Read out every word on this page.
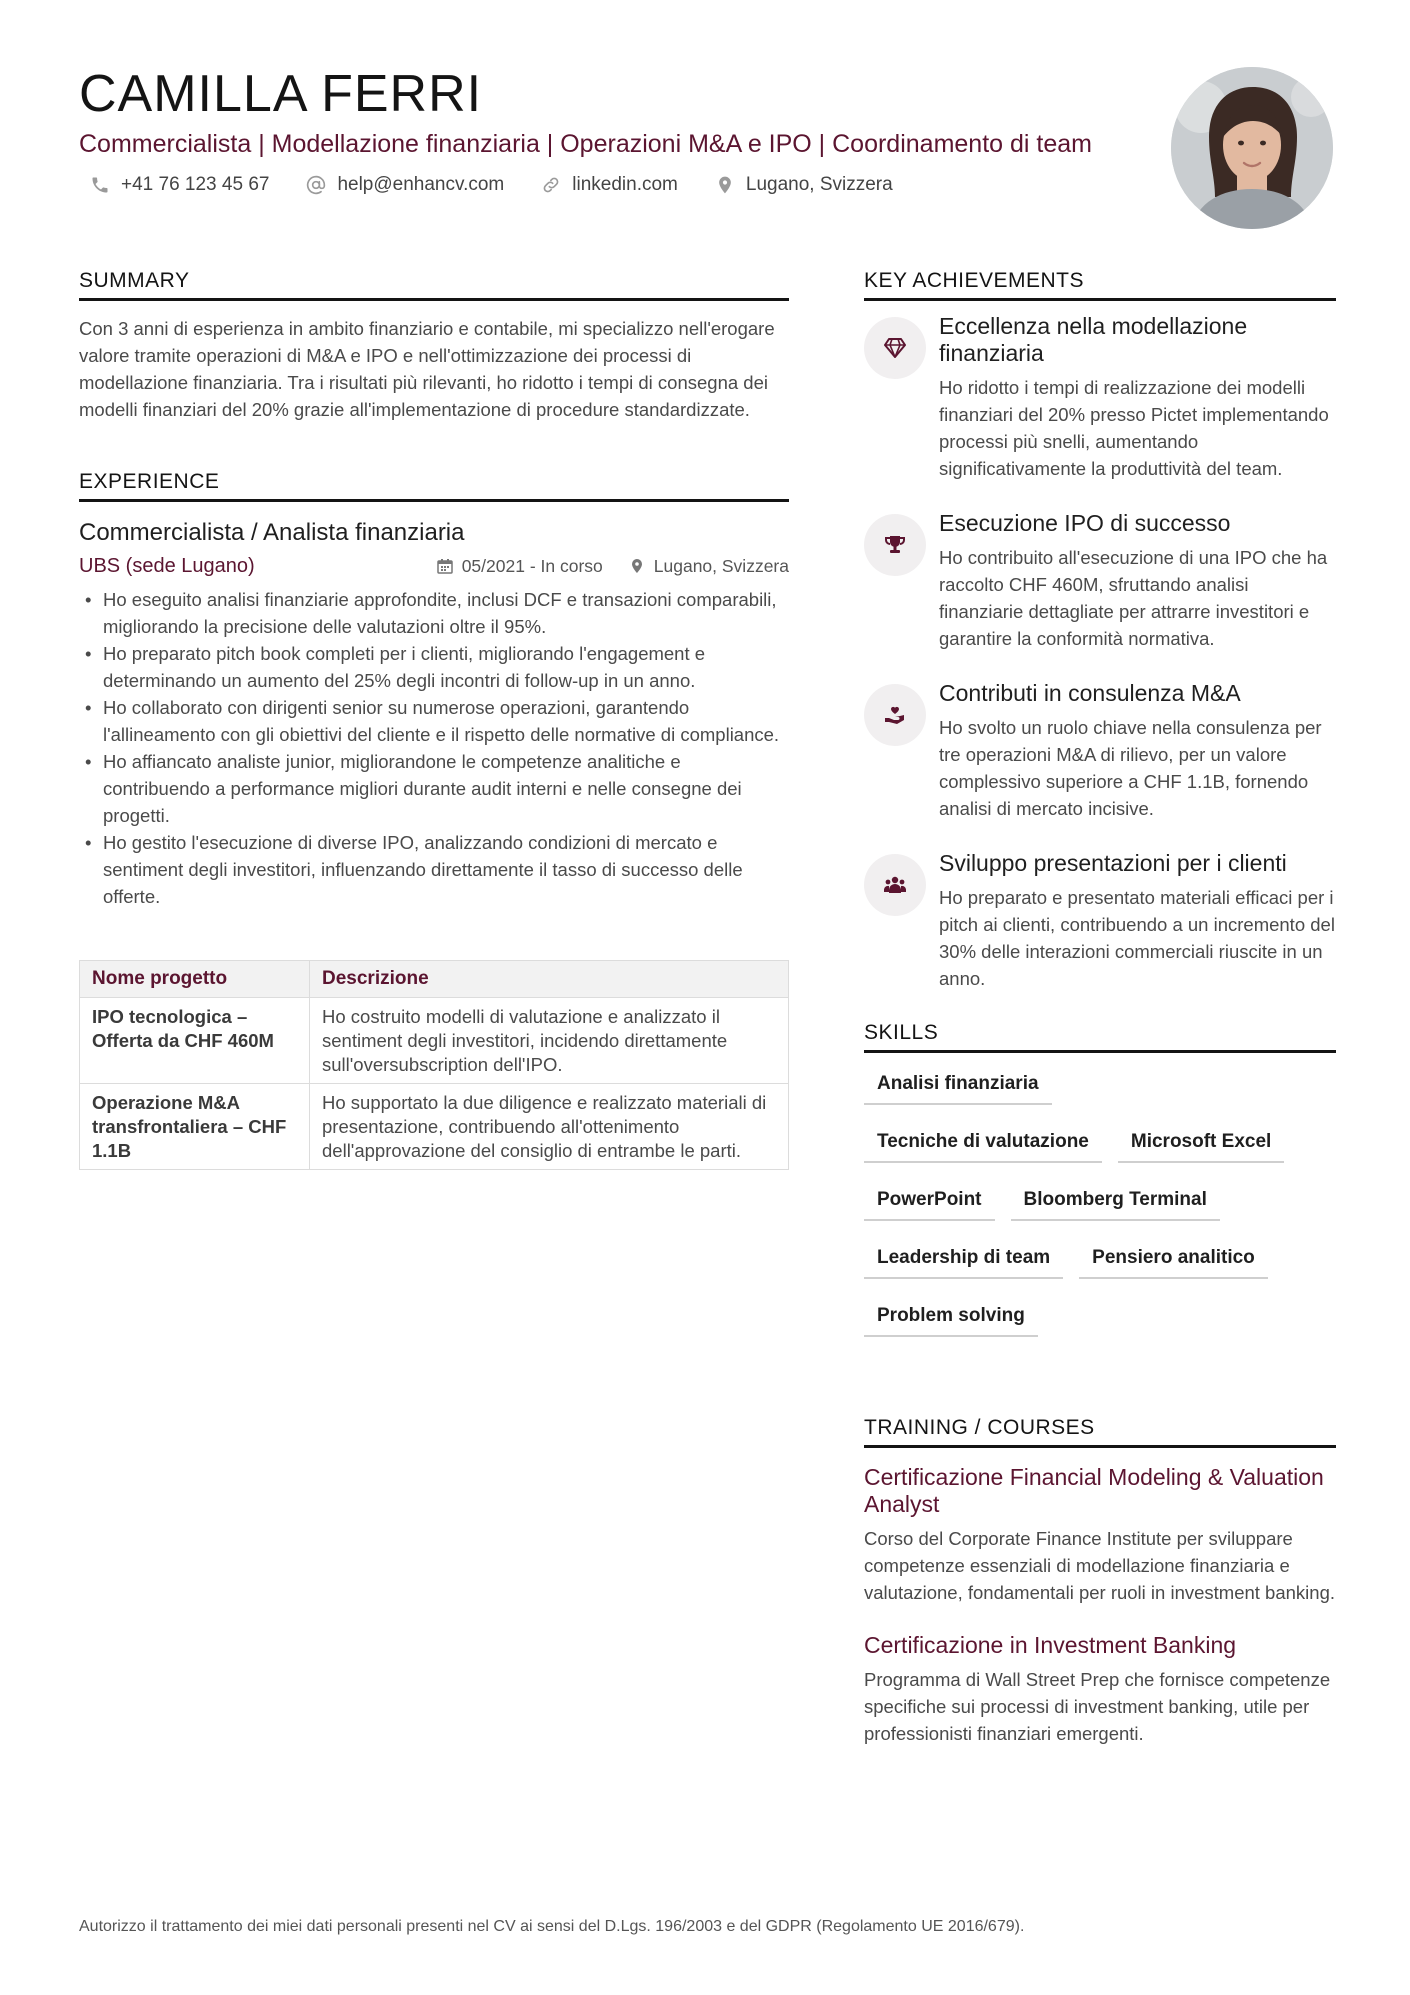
CAMILLA FERRI
Commercialista | Modellazione finanziaria | Operazioni M&A e IPO | Coordinamento di team
+41 76 123 45 67	help@enhancv.com	linkedin.com	Lugano, Svizzera
SUMMARY

Con 3 anni di esperienza in ambito finanziario e contabile, mi specializzo nell'erogare valore tramite operazioni di M&A e IPO e nell'ottimizzazione dei processi di modellazione finanziaria. Tra i risultati più rilevanti, ho ridotto i tempi di consegna dei modelli finanziari del 20% grazie all'implementazione di procedure standardizzate.

EXPERIENCE
Commercialista / Analista finanziaria
UBS (sede Lugano)	05/2021 - In corso	Lugano, Svizzera
• Ho eseguito analisi finanziarie approfondite, inclusi DCF e transazioni comparabili, migliorando la precisione delle valutazioni oltre il 95%.
• Ho preparato pitch book completi per i clienti, migliorando l'engagement e determinando un aumento del 25% degli incontri di follow-up in un anno.
• Ho collaborato con dirigenti senior su numerose operazioni, garantendo l'allineamento con gli obiettivi del cliente e il rispetto delle normative di compliance.
• Ho affiancato analiste junior, migliorandone le competenze analitiche e contribuendo a performance migliori durante audit interni e nelle consegne dei progetti.
• Ho gestito l'esecuzione di diverse IPO, analizzando condizioni di mercato e sentiment degli investitori, influenzando direttamente il tasso di successo delle offerte.
Nome progetto	Descrizione
IPO tecnologica – Offerta da CHF 460M	Ho costruito modelli di valutazione e analizzato il sentiment degli investitori, incidendo direttamente sull'oversubscription dell'IPO.
Operazione M&A transfrontaliera – CHF 1.1B	Ho supportato la due diligence e realizzato materiali di presentazione, contribuendo all'ottenimento dell'approvazione del consiglio di entrambe le parti.
KEY ACHIEVEMENTS
Eccellenza nella modellazione finanziaria
Ho ridotto i tempi di realizzazione dei modelli finanziari del 20% presso Pictet implementando processi più snelli, aumentando significativamente la produttività del team.
Esecuzione IPO di successo
Ho contribuito all'esecuzione di una IPO che ha raccolto CHF 460M, sfruttando analisi finanziarie dettagliate per attrarre investitori e garantire la conformità normativa.
Contributi in consulenza M&A
Ho svolto un ruolo chiave nella consulenza per tre operazioni M&A di rilievo, per un valore complessivo superiore a CHF 1.1B, fornendo analisi di mercato incisive.
Sviluppo presentazioni per i clienti
Ho preparato e presentato materiali efficaci per i pitch ai clienti, contribuendo a un incremento del 30% delle interazioni commerciali riuscite in un anno.
SKILLS
Analisi finanziaria
Tecniche di valutazione	Microsoft Excel
PowerPoint	Bloomberg Terminal
Leadership di team	Pensiero analitico
Problem solving
TRAINING / COURSES
Certificazione Financial Modeling & Valuation Analyst
Corso del Corporate Finance Institute per sviluppare competenze essenziali di modellazione finanziaria e valutazione, fondamentali per ruoli in investment banking.
Certificazione in Investment Banking
Programma di Wall Street Prep che fornisce competenze specifiche sui processi di investment banking, utile per professionisti finanziari emergenti.
Autorizzo il trattamento dei miei dati personali presenti nel CV ai sensi del D.Lgs. 196/2003 e del GDPR (Regolamento UE 2016/679).
